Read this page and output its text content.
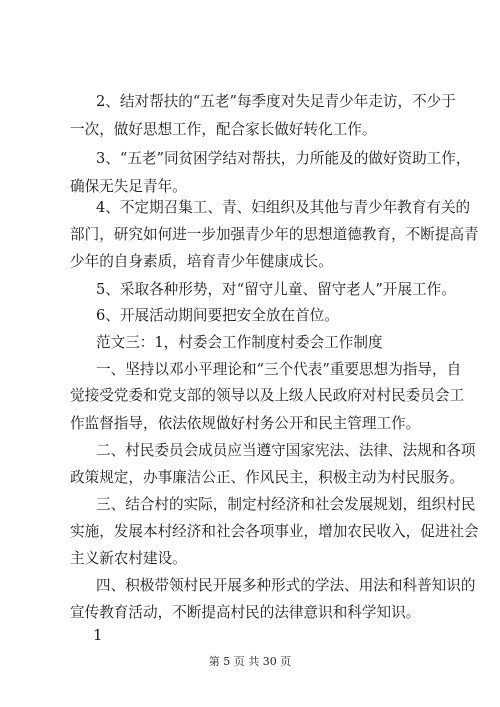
2、结对帮扶的“五老”每季度对失足青少年走访，不少于
一次，做好思想工作，配合家长做好转化工作。
3、“五老”同贫困学结对帮扶，力所能及的做好资助工作，
确保无失足青年。
4、不定期召集工、青、妇组织及其他与青少年教育有关的
部门，研究如何进一步加强青少年的思想道德教育，不断提高青
少年的自身素质，培育青少年健康成长。
5、采取各种形势，对“留守儿童、留守老人”开展工作。
6、开展活动期间要把安全放在首位。
范文三：1，村委会工作制度村委会工作制度
一、坚持以邓小平理论和“三个代表”重要思想为指导，自
觉接受党委和党支部的领导以及上级人民政府对村民委员会工
作监督指导，依法依规做好村务公开和民主管理工作。
二、村民委员会成员应当遵守国家宪法、法律、法规和各项
政策规定，办事廉洁公正、作风民主，积极主动为村民服务。
三、结合村的实际，制定村经济和社会发展规划，组织村民
实施，发展本村经济和社会各项事业，增加农民收入，促进社会
主义新农村建设。
四、积极带领村民开展多种形式的学法、用法和科普知识的
宣传教育活动，不断提高村民的法律意识和科学知识。
1
第 5 页 共 30 页
